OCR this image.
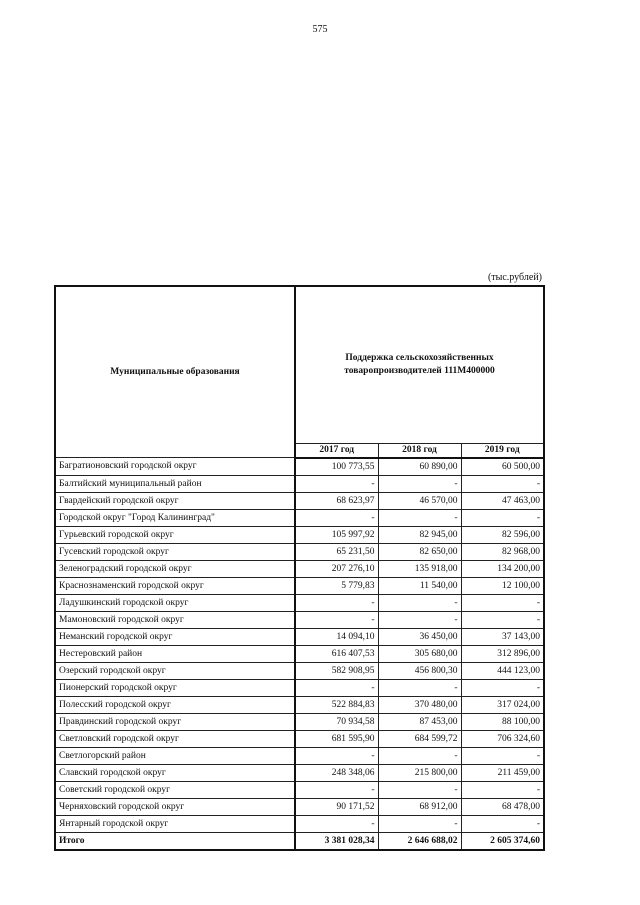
575
(тыс.рублей)
Муниципальные образования	Поддержка сельскохозяйственных товаропроизводителей 111М400000		
	2017 год	2018 год	2019 год
Багратионовский городской округ	100 773,55	60 890,00	60 500,00
Балтийский муниципальный район	-	-	-
Гвардейский городской округ	68 623,97	46 570,00	47 463,00
Городской округ "Город Калининград"	-	-	-
Гурьевский городской округ	105 997,92	82 945,00	82 596,00
Гусевский городской округ	65 231,50	82 650,00	82 968,00
Зеленоградский городской округ	207 276,10	135 918,00	134 200,00
Краснознаменский городской округ	5 779,83	11 540,00	12 100,00
Ладушкинский городской округ	-	-	-
Мамоновский городской округ	-	-	-
Неманский городской округ	14 094,10	36 450,00	37 143,00
Нестеровский район	616 407,53	305 680,00	312 896,00
Озерский городской округ	582 908,95	456 800,30	444 123,00
Пионерский городской округ	-	-	-
Полесский городской округ	522 884,83	370 480,00	317 024,00
Правдинский городской округ	70 934,58	87 453,00	88 100,00
Светловский городской округ	681 595,90	684 599,72	706 324,60
Светлогорский район	-	-	-
Славский городской округ	248 348,06	215 800,00	211 459,00
Советский городской округ	-	-	-
Черняховский городской округ	90 171,52	68 912,00	68 478,00
Янтарный городской округ	-	-	-
Итого	3 381 028,34	2 646 688,02	2 605 374,60
